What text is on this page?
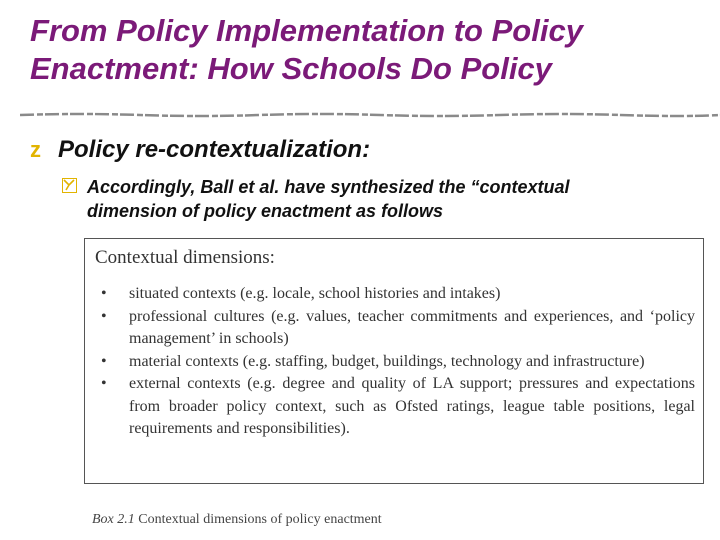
From Policy Implementation to Policy
Enactment: How Schools Do Policy
z Policy re-contextualization:
Accordingly, Ball et al. have synthesized the “contextual
dimension of policy enactment as follows
Contextual dimensions:
• situated contexts (e.g. locale, school histories and intakes)
• professional cultures (e.g. values, teacher commitments and experiences, and ‘policy management’ in schools)
• material contexts (e.g. staffing, budget, buildings, technology and infrastructure)
• external contexts (e.g. degree and quality of LA support; pressures and expectations from broader policy context, such as Ofsted ratings, league table positions, legal requirements and responsibilities).
Box 2.1 Contextual dimensions of policy enactment
